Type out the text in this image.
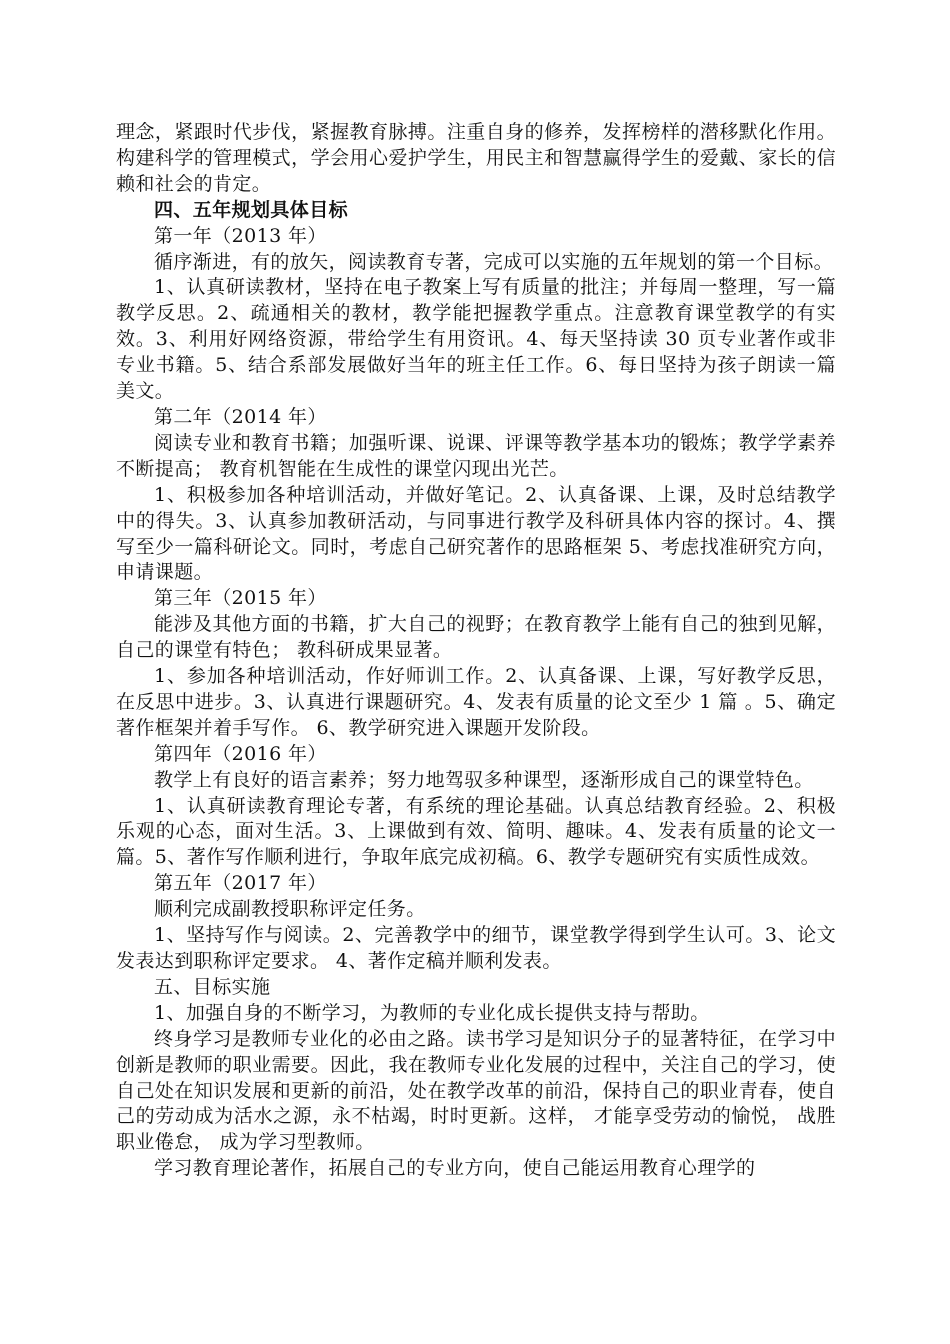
理念，紧跟时代步伐，紧握教育脉搏。注重自身的修养，发挥榜样的潜移默化作用。构建科学的管理模式，学会用心爱护学生，用民主和智慧赢得学生的爱戴、家长的信赖和社会的肯定。

四、五年规划具体目标

第一年（2013 年）

循序渐进，有的放矢，阅读教育专著，完成可以实施的五年规划的第一个目标。

1、认真研读教材，坚持在电子教案上写有质量的批注；并每周一整理，写一篇教学反思。2、疏通相关的教材，教学能把握教学重点。注意教育课堂教学的有实效。3、利用好网络资源，带给学生有用资讯。4、每天坚持读 30 页专业著作或非专业书籍。5、结合系部发展做好当年的班主任工作。6、每日坚持为孩子朗读一篇美文。

第二年（2014 年）

阅读专业和教育书籍；加强听课、说课、评课等教学基本功的锻炼；教学学素养不断提高； 教育机智能在生成性的课堂闪现出光芒。

1、积极参加各种培训活动，并做好笔记。2、认真备课、上课，及时总结教学中的得失。3、认真参加教研活动，与同事进行教学及科研具体内容的探讨。4、撰写至少一篇科研论文。同时，考虑自己研究著作的思路框架 5、考虑找准研究方向，申请课题。

第三年（2015 年）

能涉及其他方面的书籍，扩大自己的视野；在教育教学上能有自己的独到见解，自己的课堂有特色； 教科研成果显著。

1、参加各种培训活动，作好师训工作。2、认真备课、上课，写好教学反思，在反思中进步。3、认真进行课题研究。4、发表有质量的论文至少 1 篇 。5、确定著作框架并着手写作。 6、教学研究进入课题开发阶段。

第四年（2016 年）

教学上有良好的语言素养；努力地驾驭多种课型，逐渐形成自己的课堂特色。

1、认真研读教育理论专著，有系统的理论基础。认真总结教育经验。2、积极乐观的心态，面对生活。3、上课做到有效、简明、趣味。4、发表有质量的论文一篇。5、著作写作顺利进行，争取年底完成初稿。6、教学专题研究有实质性成效。

第五年（2017 年）

顺利完成副教授职称评定任务。

1、坚持写作与阅读。2、完善教学中的细节，课堂教学得到学生认可。3、论文发表达到职称评定要求。 4、著作定稿并顺利发表。

五、目标实施

1、加强自身的不断学习，为教师的专业化成长提供支持与帮助。

终身学习是教师专业化的必由之路。读书学习是知识分子的显著特征，在学习中创新是教师的职业需要。因此，我在教师专业化发展的过程中，关注自己的学习，使自己处在知识发展和更新的前沿，处在教学改革的前沿，保持自己的职业青春，使自己的劳动成为活水之源，永不枯竭，时时更新。这样， 才能享受劳动的愉悦， 战胜职业倦怠， 成为学习型教师。

学习教育理论著作，拓展自己的专业方向，使自己能运用教育心理学的
